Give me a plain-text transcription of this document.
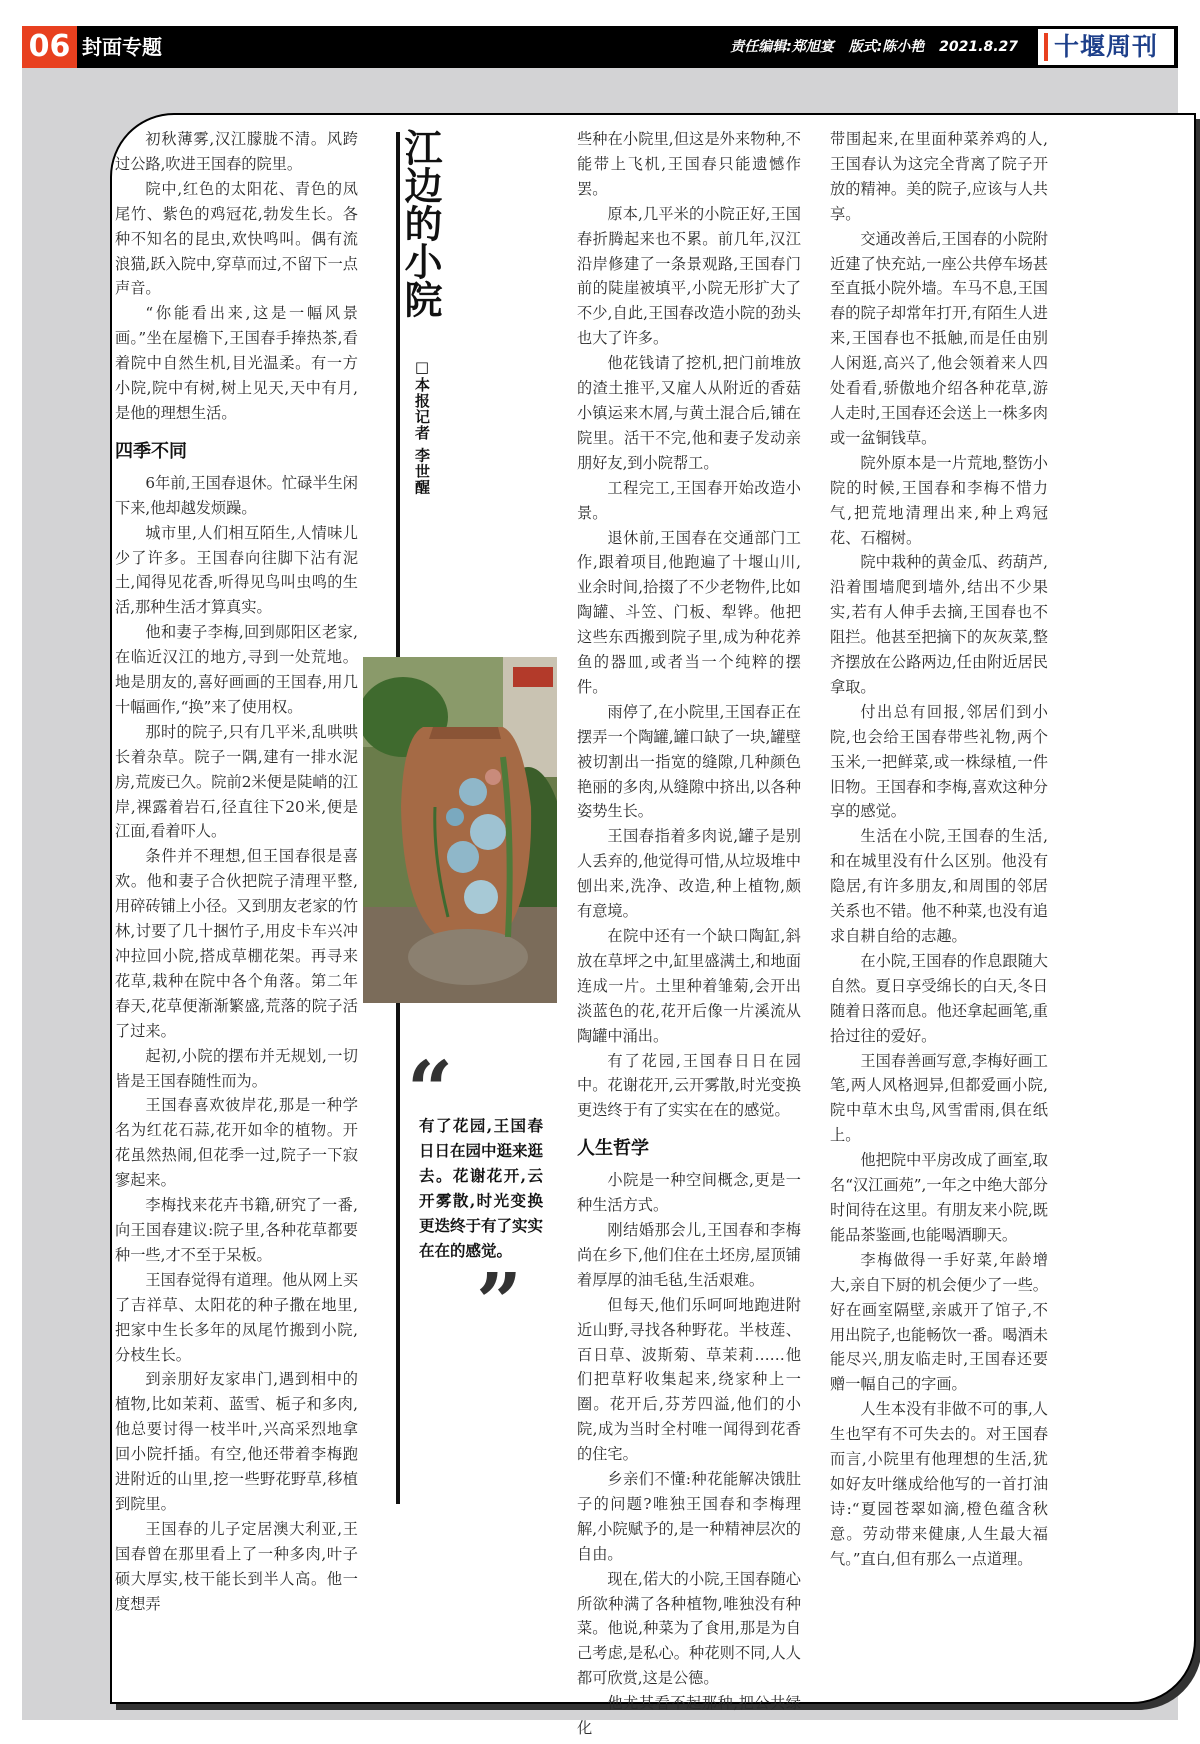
06 封面专题	责任编辑:郑旭宴 版式:陈小艳 2021.8.27 十堰周刊

初秋薄雾,汉江朦胧不清。风跨过公路,吹进王国春的院里。

院中,红色的太阳花、青色的凤尾竹、紫色的鸡冠花,勃发生长。各种不知名的昆虫,欢快鸣叫。偶有流浪猫,跃入院中,穿草而过,不留下一点声音。

“你能看出来,这是一幅风景画。”坐在屋檐下,王国春手捧热茶,看着院中自然生机,目光温柔。有一方小院,院中有树,树上见天,天中有月,是他的理想生活。

四季不同

6年前,王国春退休。忙碌半生闲下来,他却越发烦躁。

城市里,人们相互陌生,人情味儿少了许多。王国春向往脚下沾有泥土,闻得见花香,听得见鸟叫虫鸣的生活,那种生活才算真实。

他和妻子李梅,回到郧阳区老家,在临近汉江的地方,寻到一处荒地。地是朋友的,喜好画画的王国春,用几十幅画作,“换”来了使用权。

那时的院子,只有几平米,乱哄哄长着杂草。院子一隅,建有一排水泥房,荒废已久。院前2米便是陡峭的江岸,裸露着岩石,径直往下20米,便是江面,看着吓人。

条件并不理想,但王国春很是喜欢。他和妻子合伙把院子清理平整,用碎砖铺上小径。又到朋友老家的竹林,讨要了几十捆竹子,用皮卡车兴冲冲拉回小院,搭成草棚花架。再寻来花草,栽种在院中各个角落。第二年春天,花草便渐渐繁盛,荒落的院子活了过来。

起初,小院的摆布并无规划,一切皆是王国春随性而为。

王国春喜欢彼岸花,那是一种学名为红花石蒜,花开如伞的植物。开花虽然热闹,但花季一过,院子一下寂寥起来。

李梅找来花卉书籍,研究了一番,向王国春建议:院子里,各种花草都要种一些,才不至于呆板。

王国春觉得有道理。他从网上买了吉祥草、太阳花的种子撒在地里,把家中生长多年的凤尾竹搬到小院,分枝生长。

到亲朋好友家串门,遇到相中的植物,比如茉莉、蓝雪、栀子和多肉,他总要讨得一枝半叶,兴高采烈地拿回小院扦插。有空,他还带着李梅跑进附近的山里,挖一些野花野草,移植到院里。

王国春的儿子定居澳大利亚,王国春曾在那里看上了一种多肉,叶子硕大厚实,枝干能长到半人高。他一度想弄

江边的小院
□本报记者 李世醒
“
有了花园,王国春日日在园中逛来逛去。花谢花开,云开雾散,时光变换更迭终于有了实实在在的感觉。
”

些种在小院里,但这是外来物种,不能带上飞机,王国春只能遗憾作罢。

原本,几平米的小院正好,王国春折腾起来也不累。前几年,汉江沿岸修建了一条景观路,王国春门前的陡崖被填平,小院无形扩大了不少,自此,王国春改造小院的劲头也大了许多。

他花钱请了挖机,把门前堆放的渣土推平,又雇人从附近的香菇小镇运来木屑,与黄土混合后,铺在院里。活干不完,他和妻子发动亲朋好友,到小院帮工。

工程完工,王国春开始改造小景。

退休前,王国春在交通部门工作,跟着项目,他跑遍了十堰山川,业余时间,拾掇了不少老物件,比如陶罐、斗笠、门板、犁铧。他把这些东西搬到院子里,成为种花养鱼的器皿,或者当一个纯粹的摆件。

雨停了,在小院里,王国春正在摆弄一个陶罐,罐口缺了一块,罐壁被切割出一指宽的缝隙,几种颜色艳丽的多肉,从缝隙中挤出,以各种姿势生长。

王国春指着多肉说,罐子是别人丢弃的,他觉得可惜,从垃圾堆中刨出来,洗净、改造,种上植物,颇有意境。

在院中还有一个缺口陶缸,斜放在草坪之中,缸里盛满土,和地面连成一片。土里种着雏菊,会开出淡蓝色的花,花开后像一片溪流从陶罐中涌出。

有了花园,王国春日日在园中。花谢花开,云开雾散,时光变换更迭终于有了实实在在的感觉。

人生哲学

小院是一种空间概念,更是一种生活方式。

刚结婚那会儿,王国春和李梅尚在乡下,他们住在土坯房,屋顶铺着厚厚的油毛毡,生活艰难。

但每天,他们乐呵呵地跑进附近山野,寻找各种野花。半枝莲、百日草、波斯菊、草茉莉……他们把草籽收集起来,绕家种上一圈。花开后,芬芳四溢,他们的小院,成为当时全村唯一闻得到花香的住宅。

乡亲们不懂:种花能解决饿肚子的问题?唯独王国春和李梅理解,小院赋予的,是一种精神层次的自由。

现在,偌大的小院,王国春随心所欲种满了各种植物,唯独没有种菜。他说,种菜为了食用,那是为自己考虑,是私心。种花则不同,人人都可欣赏,这是公德。

他尤其看不起那种,把公共绿化

带围起来,在里面种菜养鸡的人,王国春认为这完全背离了院子开放的精神。美的院子,应该与人共享。

交通改善后,王国春的小院附近建了快充站,一座公共停车场甚至直抵小院外墙。车马不息,王国春的院子却常年打开,有陌生人进来,王国春也不抵触,而是任由别人闲逛,高兴了,他会领着来人四处看看,骄傲地介绍各种花草,游人走时,王国春还会送上一株多肉或一盆铜钱草。

院外原本是一片荒地,整饬小院的时候,王国春和李梅不惜力气,把荒地清理出来,种上鸡冠花、石榴树。

院中栽种的黄金瓜、药葫芦,沿着围墙爬到墙外,结出不少果实,若有人伸手去摘,王国春也不阻拦。他甚至把摘下的灰灰菜,整齐摆放在公路两边,任由附近居民拿取。

付出总有回报,邻居们到小院,也会给王国春带些礼物,两个玉米,一把鲜菜,或一株绿植,一件旧物。王国春和李梅,喜欢这种分享的感觉。

生活在小院,王国春的生活,和在城里没有什么区别。他没有隐居,有许多朋友,和周围的邻居关系也不错。他不种菜,也没有追求自耕自给的志趣。

在小院,王国春的作息跟随大自然。夏日享受绵长的白天,冬日随着日落而息。他还拿起画笔,重拾过往的爱好。

王国春善画写意,李梅好画工笔,两人风格迥异,但都爱画小院,院中草木虫鸟,风雪雷雨,俱在纸上。

他把院中平房改成了画室,取名“汉江画苑”,一年之中绝大部分时间待在这里。有朋友来小院,既能品茶鉴画,也能喝酒聊天。

李梅做得一手好菜,年龄增大,亲自下厨的机会便少了一些。好在画室隔壁,亲戚开了馆子,不用出院子,也能畅饮一番。喝酒未能尽兴,朋友临走时,王国春还要赠一幅自己的字画。

人生本没有非做不可的事,人生也罕有不可失去的。对王国春而言,小院里有他理想的生活,犹如好友叶继成给他写的一首打油诗:“夏园苍翠如滴,橙色蕴含秋意。劳动带来健康,人生最大福气。”直白,但有那么一点道理。
